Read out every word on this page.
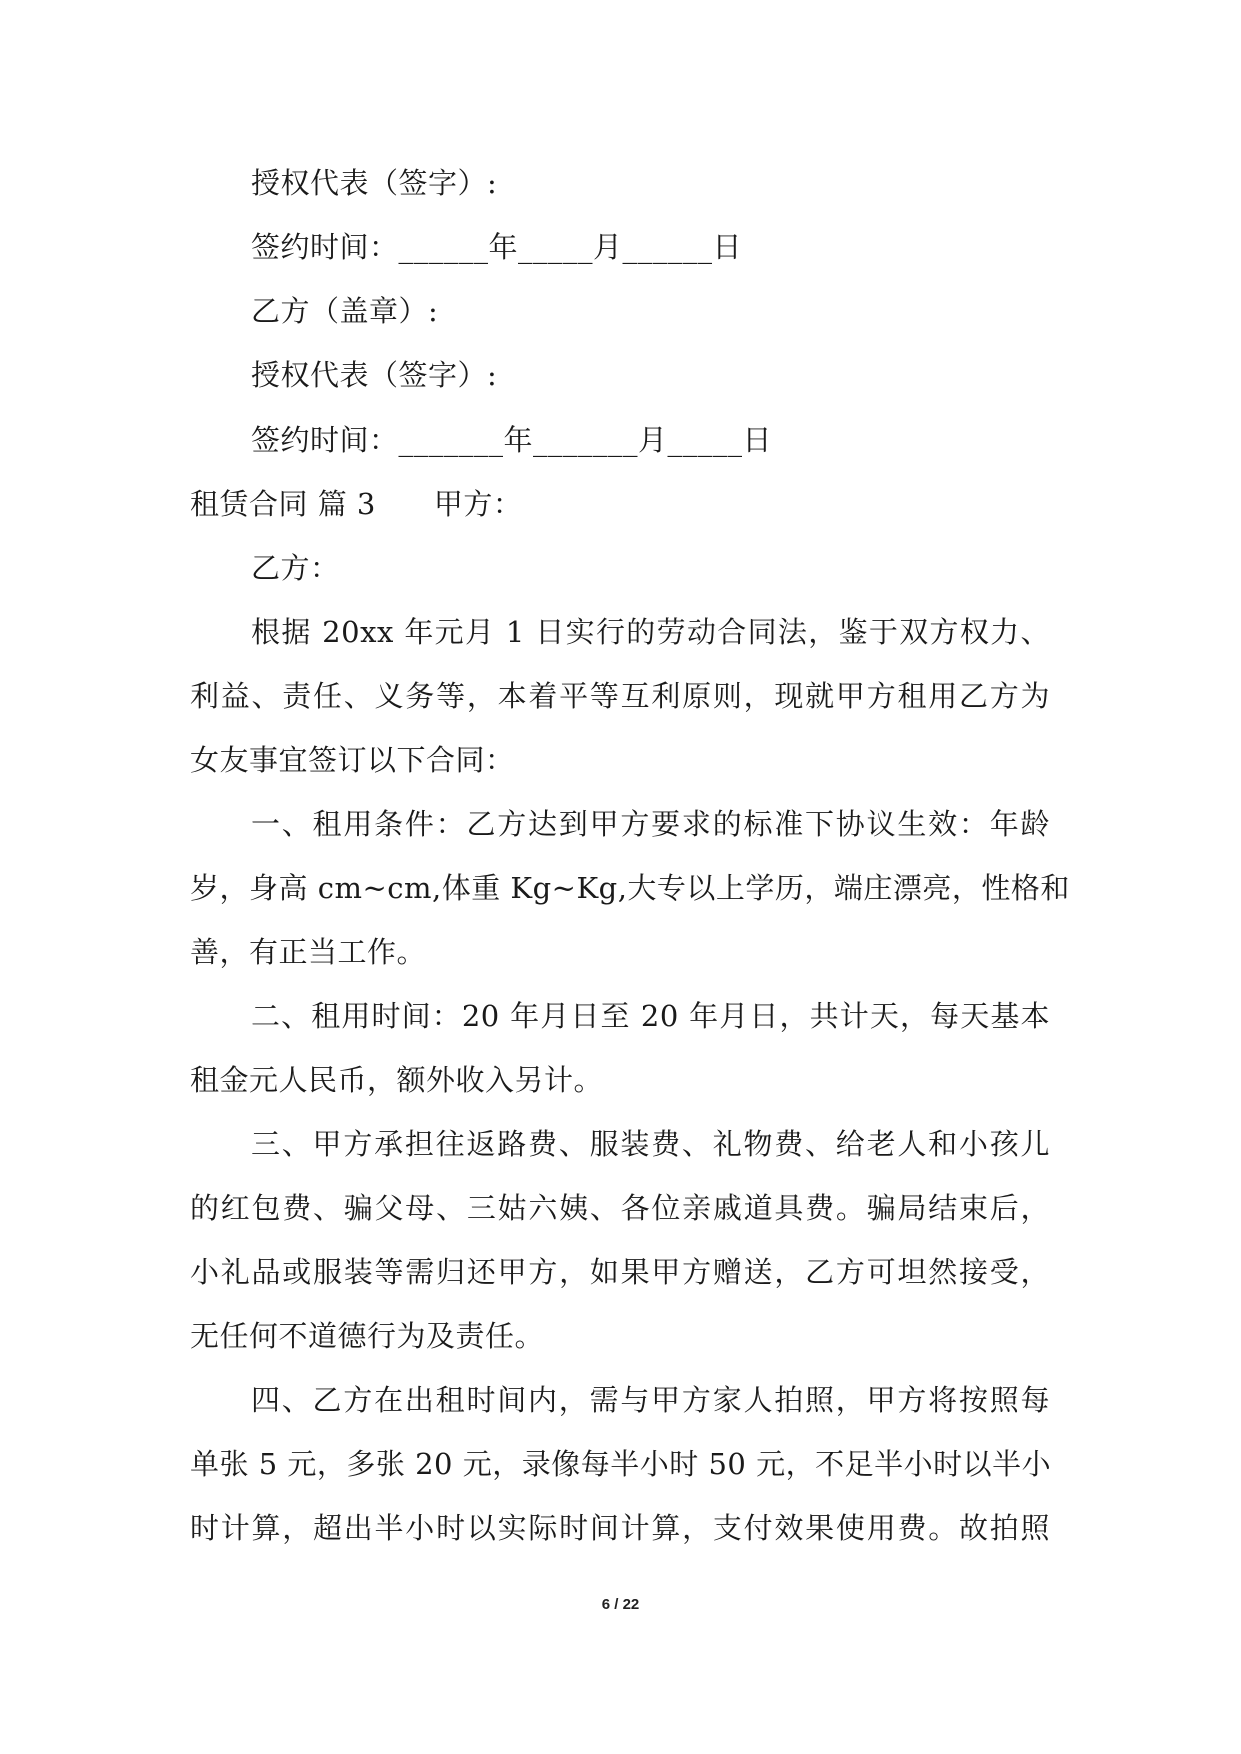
授权代表（签字）:
签约时间：______年_____月______日
乙方（盖章）:
授权代表（签字）:
签约时间：_______年_______月_____日
租赁合同 篇 3 甲方：
乙方：
根据 20xx 年元月 1 日实行的劳动合同法，鉴于双方权力、
利益、责任、义务等，本着平等互利原则，现就甲方租用乙方为
女友事宜签订以下合同：
一、租用条件：乙方达到甲方要求的标准下协议生效：年龄
岁，身高 cm~cm,体重 Kg~Kg,大专以上学历，端庄漂亮，性格和
善，有正当工作。
二、租用时间：20 年月日至 20 年月日，共计天，每天基本
租金元人民币，额外收入另计。
三、甲方承担往返路费、服装费、礼物费、给老人和小孩儿
的红包费、骗父母、三姑六姨、各位亲戚道具费。骗局结束后，
小礼品或服装等需归还甲方，如果甲方赠送，乙方可坦然接受，
无任何不道德行为及责任。
四、乙方在出租时间内，需与甲方家人拍照，甲方将按照每
单张 5 元，多张 20 元，录像每半小时 50 元，不足半小时以半小
时计算，超出半小时以实际时间计算，支付效果使用费。故拍照
6 / 22
